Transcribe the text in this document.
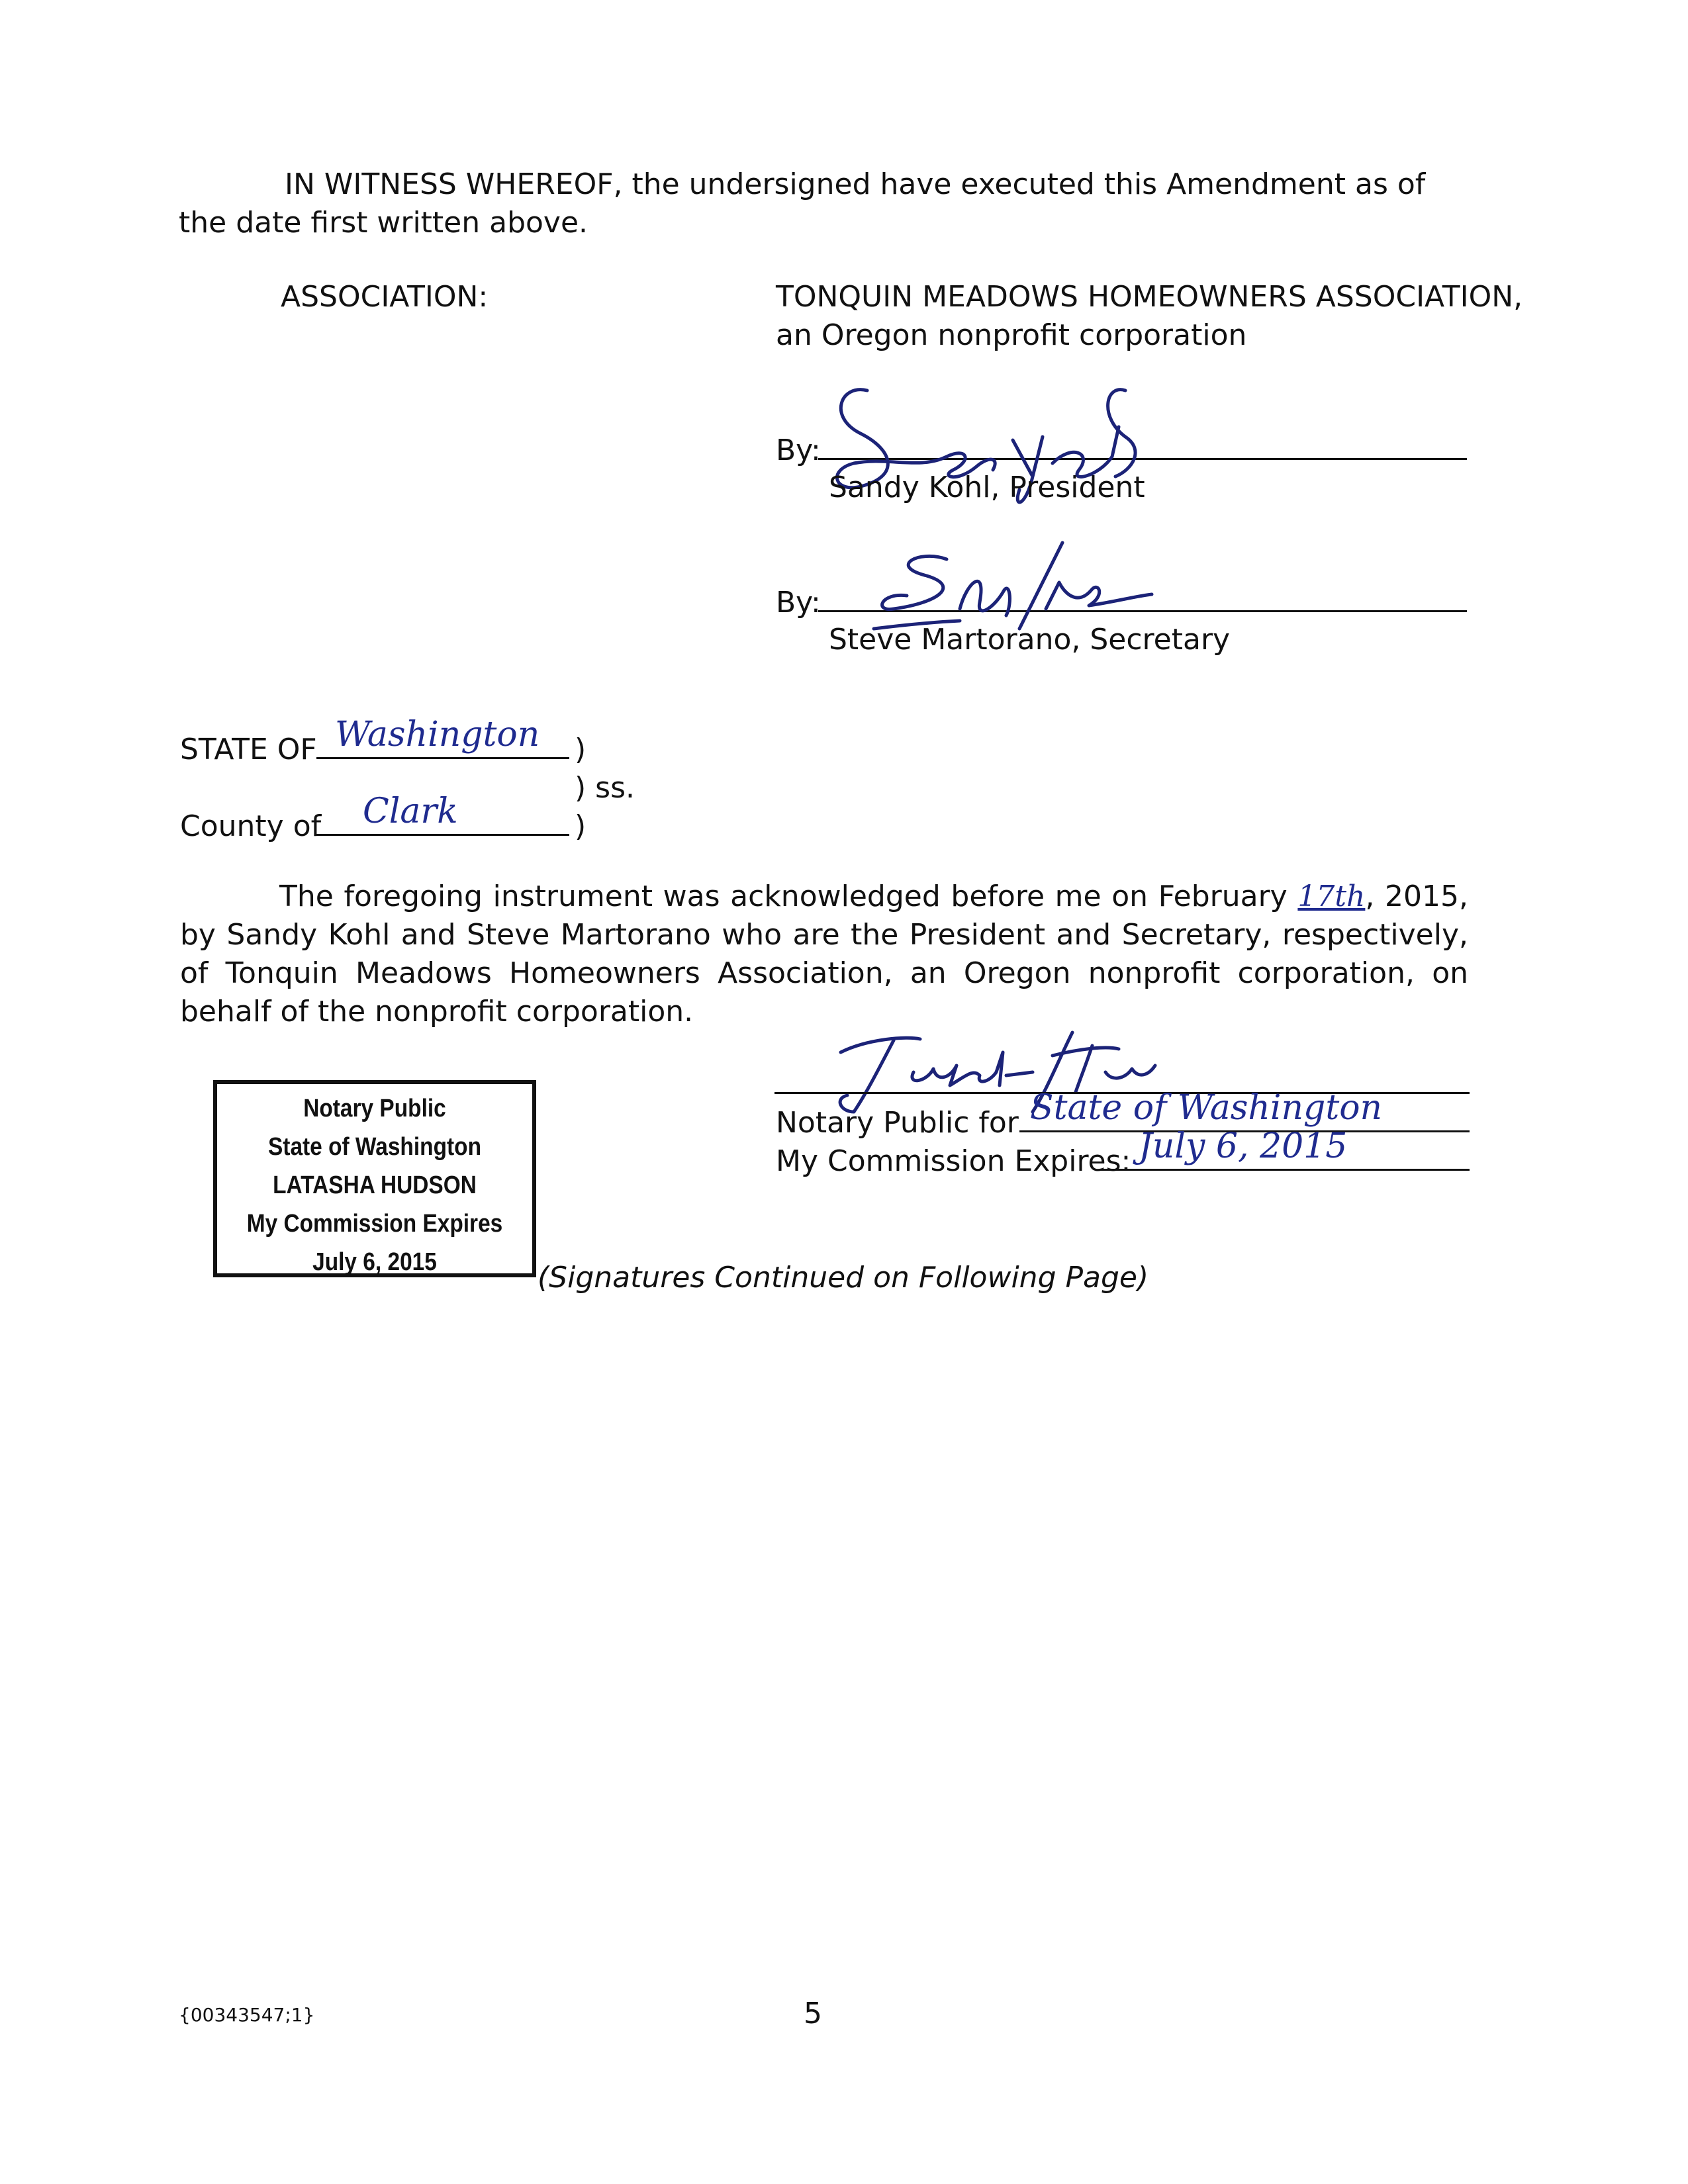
IN WITNESS WHEREOF, the undersigned have executed this Amendment as of the date first written above.
ASSOCIATION:	TONQUIN MEADOWS HOMEOWNERS ASSOCIATION,
an Oregon nonprofit corporation
By:
Sandy Kohl, President
By:
Steve Martorano, Secretary
STATE OF Washington )
) ss.
County of Clark	)
The foregoing instrument was acknowledged before me on February 17th, 2015, by Sandy Kohl and Steve Martorano who are the President and Secretary, respectively, of Tonquin Meadows Homeowners Association, an Oregon nonprofit corporation, on behalf of the nonprofit corporation.
Notary Public for State of Washington
My Commission Expires: July 6, 2015
Notary Public
State of Washington
LATASHA HUDSON
My Commission Expires
July 6, 2015	(Signatures Continued on Following Page)
{00343547;1}	5
